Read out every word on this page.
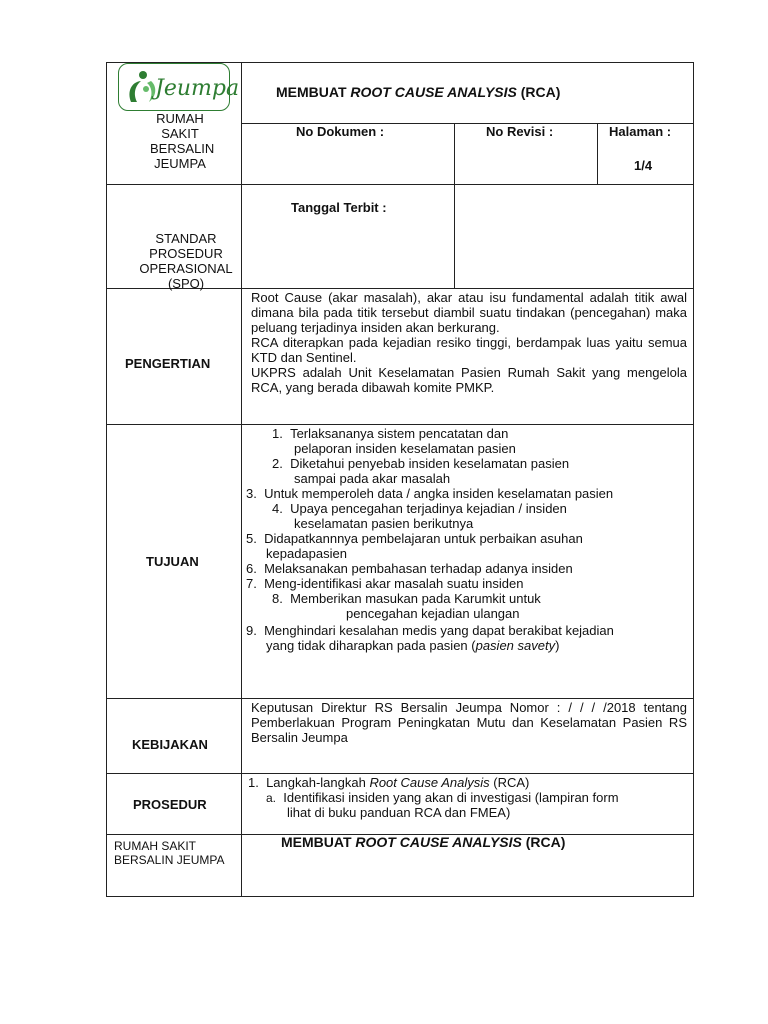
Jeumpa
RUMAH
SAKIT
BERSALIN
JEUMPA
MEMBUAT ROOT CAUSE ANALYSIS (RCA)
No Dokumen :	No Revisi :	Halaman :
1/4
STANDAR
PROSEDUR
OPERASIONAL
(SPO)
Tanggal Terbit :
PENGERTIAN
Root Cause (akar masalah), akar atau isu fundamental adalah titik awal dimana bila pada titik tersebut diambil suatu tindakan (pencegahan) maka peluang terjadinya insiden akan berkurang.
RCA diterapkan pada kejadian resiko tinggi, berdampak luas yaitu semua KTD dan Sentinel.
UKPRS adalah Unit Keselamatan Pasien Rumah Sakit yang mengelola RCA, yang berada dibawah komite PMKP.
TUJUAN
1. Terlaksananya sistem pencatatan dan
pelaporan insiden keselamatan pasien
2. Diketahui penyebab insiden keselamatan pasien
sampai pada akar masalah
3. Untuk memperoleh data / angka insiden keselamatan pasien
4. Upaya pencegahan terjadinya kejadian / insiden
keselamatan pasien berikutnya
5. Didapatkannnya pembelajaran untuk perbaikan asuhan
kepadapasien
6. Melaksanakan pembahasan terhadap adanya insiden
7. Meng-identifikasi akar masalah suatu insiden
8. Memberikan masukan pada Karumkit untuk
pencegahan kejadian ulangan
9. Menghindari kesalahan medis yang dapat berakibat kejadian
yang tidak diharapkan pada pasien (pasien savety)
KEBIJAKAN
Keputusan Direktur RS Bersalin Jeumpa Nomor : / / / /2018 tentang Pemberlakuan Program Peningkatan Mutu dan Keselamatan Pasien RS Bersalin Jeumpa
PROSEDUR
1. Langkah-langkah Root Cause Analysis (RCA)
a. Identifikasi insiden yang akan di investigasi (lampiran form
lihat di buku panduan RCA dan FMEA)
RUMAH SAKIT
BERSALIN JEUMPA
MEMBUAT ROOT CAUSE ANALYSIS (RCA)
